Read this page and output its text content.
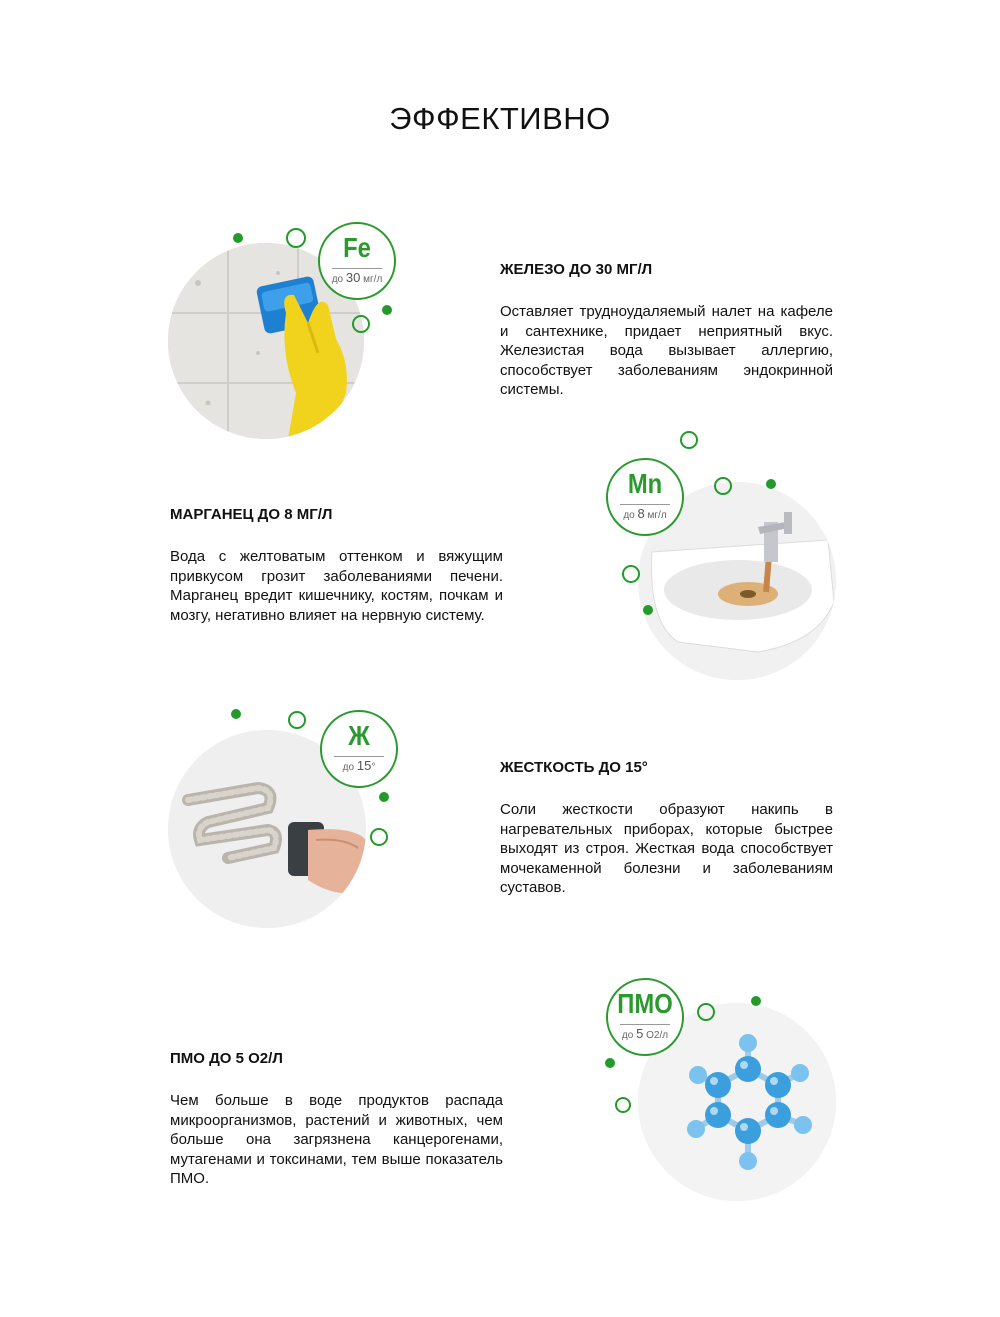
ЭФФЕКТИВНО
Fe
до 30 мг/л
ЖЕЛЕЗО ДО 30 МГ/Л

Оставляет трудноудаляемый налет на кафеле и сантехнике, придает неприятный вкус. Железистая вода вызывает аллергию, способствует заболеваниям эндокринной системы.

МАРГАНЕЦ ДО 8 МГ/Л

Вода с желтоватым оттенком и вяжущим привкусом грозит заболеваниями печени. Марганец вредит кишечнику, костям, почкам и мозгу, негативно влияет на нервную систему.

Mn
до 8 мг/л
Ж
до 15°	ЖЕСТКОСТЬ ДО 15°

Соли жесткости образуют накипь в нагревательных приборах, которые быстрее выходят из строя. Жесткая вода способствует мочекаменной болезни и заболеваниям суставов.

ПМО ДО 5 O2/Л

Чем больше в воде продуктов распада микроорганизмов, растений и животных, чем больше она загрязнена канцерогенами, мутагенами и токсинами, тем выше показатель ПМО.

ПМО
до 5 O2/л
